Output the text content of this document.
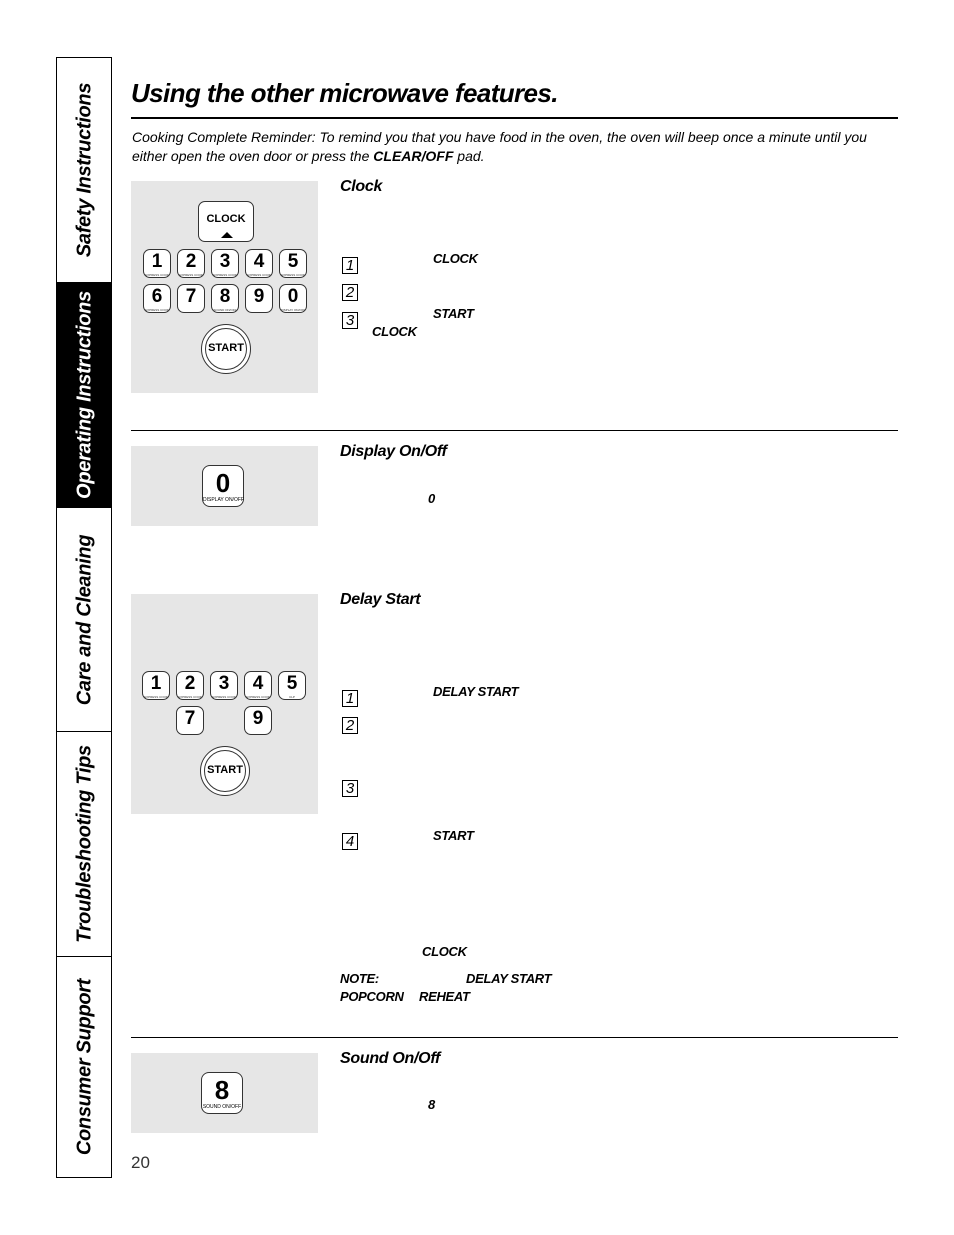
Safety Instructions
Operating Instructions
Care and Cleaning
Troubleshooting Tips
Consumer Support
Using the other microwave features.
Cooking Complete Reminder: To remind you that you have food in the oven, the oven will beep once a minute until you either open the oven door or press the CLEAR/OFF pad.
CLOCK
1
EXPRESS COOK
2
EXPRESS COOK
3
EXPRESS COOK
4
EXPRESS COOK
5
EXPRESS COOK
6
EXPRESS COOK
7	8
SOUND ON/OFF
9	0
DISPLAY ON/OFF
START
Clock
1	CLOCK
2
3	START
CLOCK
0
DISPLAY ON/OFF
Display On/Off
0
1
EXPRESS COOK
2
EXPRESS COOK
3
EXPRESS COOK
4
EXPRESS COOK
5
CLP
7	9
START
Delay Start
1	DELAY START
2
3
4	START
CLOCK
NOTE:	DELAY START
POPCORN REHEAT
8
SOUND ON/OFF
Sound On/Off
8
20
